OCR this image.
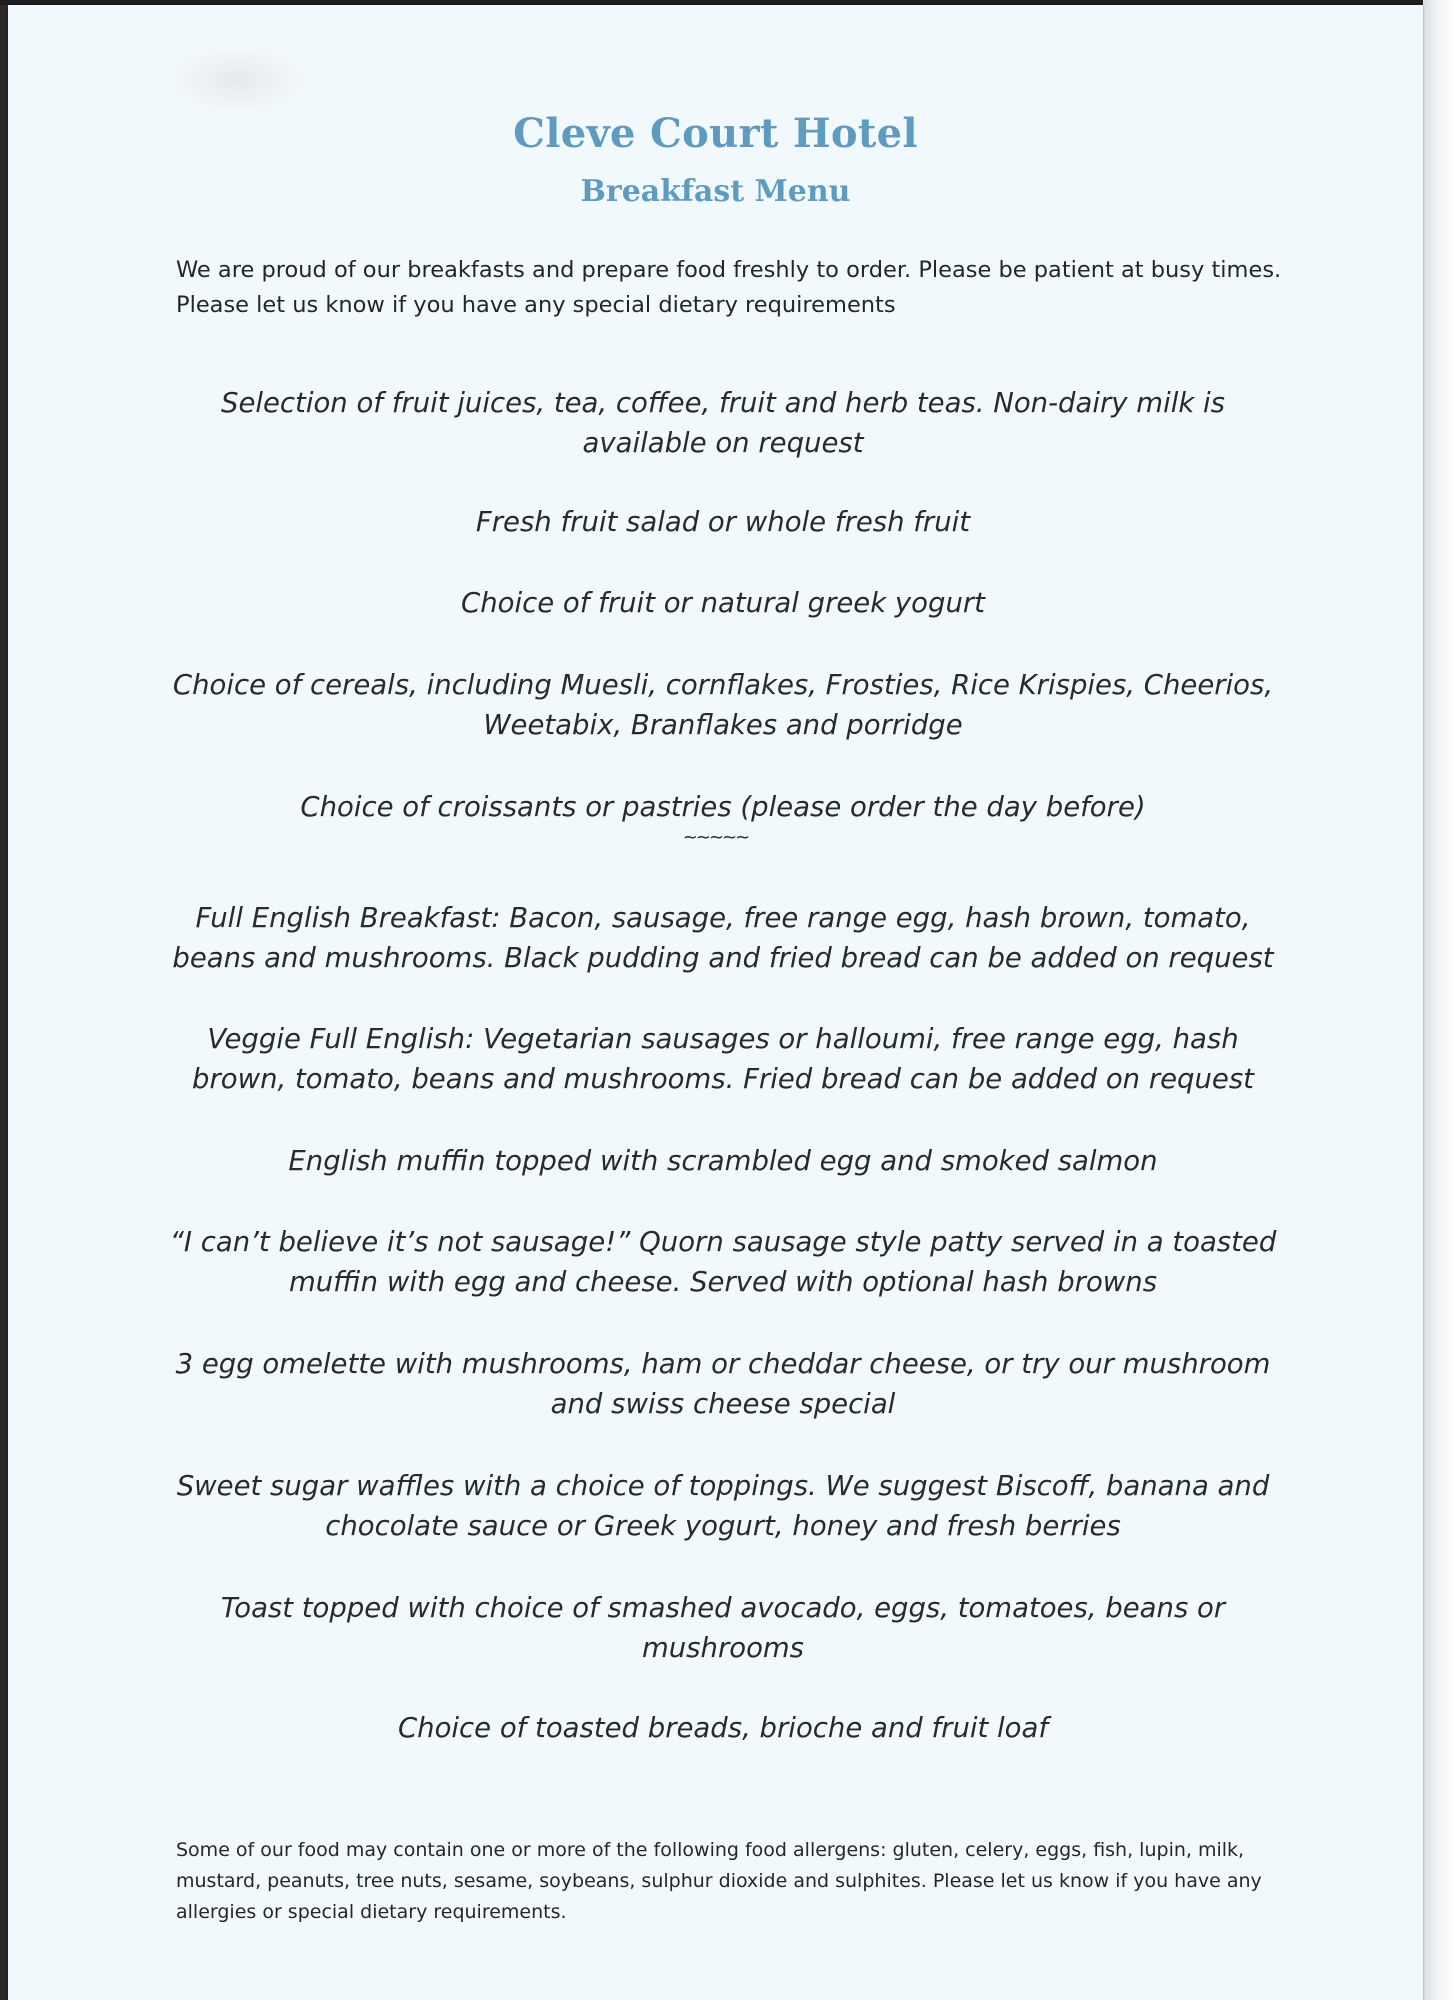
Cleve Court Hotel
Breakfast Menu

We are proud of our breakfasts and prepare food freshly to order. Please be patient at busy times. Please let us know if you have any special dietary requirements

Selection of fruit juices, tea, coffee, fruit and herb teas. Non-dairy milk is available on request

Fresh fruit salad or whole fresh fruit

Choice of fruit or natural greek yogurt

Choice of cereals, including Muesli, cornflakes, Frosties, Rice Krispies, Cheerios, Weetabix, Branflakes and porridge

Choice of croissants or pastries (please order the day before)

~~~~~

Full English Breakfast: Bacon, sausage, free range egg, hash brown, tomato, beans and mushrooms. Black pudding and fried bread can be added on request

Veggie Full English: Vegetarian sausages or halloumi, free range egg, hash brown, tomato, beans and mushrooms. Fried bread can be added on request

English muffin topped with scrambled egg and smoked salmon

“I can’t believe it’s not sausage!” Quorn sausage style patty served in a toasted muffin with egg and cheese. Served with optional hash browns

3 egg omelette with mushrooms, ham or cheddar cheese, or try our mushroom and swiss cheese special

Sweet sugar waffles with a choice of toppings. We suggest Biscoff, banana and chocolate sauce or Greek yogurt, honey and fresh berries

Toast topped with choice of smashed avocado, eggs, tomatoes, beans or mushrooms

Choice of toasted breads, brioche and fruit loaf

Some of our food may contain one or more of the following food allergens: gluten, celery, eggs, fish, lupin, milk, mustard, peanuts, tree nuts, sesame, soybeans, sulphur dioxide and sulphites. Please let us know if you have any allergies or special dietary requirements.
